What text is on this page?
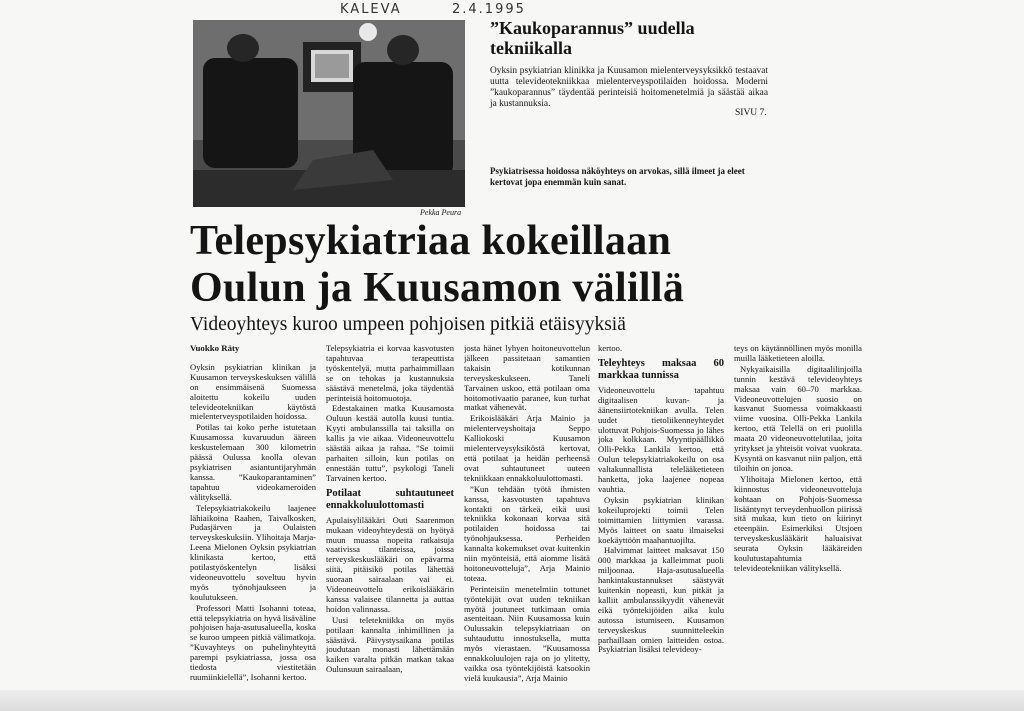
KALEVA	2.4.1995
Pekka Peura
”Kaukoparannus” uudella tekniikalla
Oyksin psykiatrian klinikka ja Kuusamon mielenterveysyksikkö testaavat uutta televideotekniikkaa mielenterveyspotilaiden hoidossa. Moderni ”kaukoparannus” täydentää perinteisiä hoitomenetelmiä ja säästää aikaa ja kustannuksia.
SIVU 7.
Psykiatrisessa hoidossa näköyhteys on arvokas, sillä ilmeet ja eleet kertovat jopa enemmän kuin sanat.
Telepsykiatriaa kokeillaan
Oulun ja Kuusamon välillä
Videoyhteys kuroo umpeen pohjoisen pitkiä etäisyyksiä
Vuokko Räty

Oyksin psykiatrian klinikan ja Kuusamon terveyskeskuksen välillä on ensimmäisenä Suomessa aloitettu kokeilu uuden televideotekniikan käytöstä mielenterveyspotilaiden hoidossa.

Potilas tai koko perhe istutetaan Kuusamossa kuvaruudun ääreen keskustelemaan 300 kilometrin päässä Oulussa koolla olevan psykiatrisen asiantuntijaryhmän kanssa. ”Kaukoparantaminen” tapahtuu videokameroiden välityksellä.

Telepsykiatriakokeilu laajenee lähiaikoina Raahen, Taivalkosken, Pudasjärven ja Oulaisten terveyskeskuksiin. Ylihoitaja Marja-Leena Mielonen Oyksin psykiatrian klinikasta kertoo, että potilastyöskentelyn lisäksi videoneuvottelu soveltuu hyvin myös työnohjaukseen ja koulutukseen.

Professori Matti Isohanni toteaa, että telepsykiatria on hyvä lisäväline pohjoisen haja-asutusalueella, koska se kuroo umpeen pitkiä välimatkoja. ”Kuvayhteys on puhelinyhteyttä parempi psykiatriassa, jossa osa tiedosta viestitetään ruumiinkielellä”, Isohanni kertoo.

Telepsykiatria ei korvaa kasvotusten tapahtuvaa terapeuttista työskentelyä, mutta parhaimmillaan se on tehokas ja kustannuksia säästävä menetelmä, joka täydentää perinteisiä hoitomuotoja.

Edestakainen matka Kuusamosta Ouluun kestää autolla kuusi tuntia. Kyyti ambulanssilla tai taksilla on kallis ja vie aikaa. Videoneuvottelu säästää aikaa ja rahaa. ”Se toimii parhaiten silloin, kun potilas on ennestään tuttu”, psykologi Taneli Tarvainen kertoo.

Potilaat suhtautuneet ennakkoluulottomasti

Apulaisylilääkäri Outi Saarenmon mukaan videoyhteydestä on hyötyä muun muassa nopeita ratkaisuja vaativissa tilanteissa, joissa terveyskeskuslääkäri on epävarma siitä, pitäisikö potilas lähettää suoraan sairaalaan vai ei. Videoneuvottelu erikoislääkärin kanssa valaisee tilannetta ja auttaa hoidon valinnassa.

Uusi teletekniikka on myös potilaan kannalta inhimillinen ja säästävä. Päivystysaikana potilas joudutaan monasti lähettämään kaiken varalta pitkän matkan takaa Oulunsuun sairaalaan,

josta hänet lyhyen hoitoneuvottelun jälkeen passitetaan samantien takaisin kotikunnan terveyskeskukseen. Taneli Tarvainen uskoo, että potilaan oma hoitomotivaatio paranee, kun turhat matkat vähenevät.

Erikoislääkäri Arja Mainio ja mielenterveyshoitaja Seppo Kalliokoski Kuusamon mielenterveysyksiköstä kertovat, että potilaat ja heidän perheensä ovat suhtautuneet uuteen tekniikkaan ennakkoluulottomasti.

”Kun tehdään työtä ihmisten kanssa, kasvotusten tapahtuva kontakti on tärkeä, eikä uusi tekniikka kokonaan korvaa sitä potilaiden hoidossa tai työnohjauksessa. Perheiden kannalta kokemukset ovat kuitenkin niin myönteisiä, että aiomme lisätä hoitoneuvotteluja”, Arja Mainio toteaa.

Perinteisiin menetelmiin tottunet työntekijät ovat uuden tekniikan myötä joutuneet tutkimaan omia asenteitaan. Niin Kuusamossa kuin Oulussakin telepsykiatriaan on suhtauduttu innostuksella, mutta myös vierastaen. ”Kuusamossa ennakkoluulojen raja on jo ylitetty, vaikka osa työntekijöistä katsookin vielä kuukausia”, Arja Mainio

kertoo.

Teleyhteys maksaa 60 markkaa tunnissa

Videoneuvottelu tapahtuu digitaalisen kuvan- ja äänensiirtotekniikan avulla. Telen uudet tietoliikenneyhteydet ulottuvat Pohjois-Suomessa jo lähes joka kolkkaan. Myyntipäällikkö Olli-Pekka Lankila kertoo, että Oulun telepsykiatriakokeilu on osa valtakunnallista telelääketieteen hanketta, joka laajenee nopeaa vauhtia.

Oyksin psykiatrian klinikan kokeiluprojekti toimii Telen toimittamien liittymien varassa. Myös laitteet on saatu ilmaiseksi koekäyttöön maahantuojilta.

Halvimmat laitteet maksavat 150 000 markkaa ja kalleimmat puoli miljoonaa. Haja-asutusalueella hankintakustannukset säästyvät kuitenkin nopeasti, kun pitkät ja kalliit ambulanssikyydit vähenevät eikä työntekijöiden aika kulu autossa istumiseen. Kuusamon terveyskeskus suunnitteleekin parhaillaan omien laitteiden ostoa. Psykiatrian lisäksi televideoy-

teys on käytännöllinen myös monilla muilla lääketieteen aloilla.

Nykyaikaisilla digitaalilinjoilla tunnin kestävä televideoyhteys maksaa vain 60–70 markkaa. Videoneuvottelujen suosio on kasvanut Suomessa voimakkaasti viime vuosina. Olli-Pekka Lankila kertoo, että Telellä on eri puolilla maata 20 videoneuvottelutilaa, joita yritykset ja yhteisöt voivat vuokrata. Kysyntä on kasvanut niin paljon, että tiloihin on jonoa.

Ylihoitaja Mielonen kertoo, että kiinnostus videoneuvotteluja kohtaan on Pohjois-Suomessa lisääntynyt terveydenhuollon piirissä sitä mukaa, kun tieto on kiirinyt eteenpäin. Esimerkiksi Utsjoen terveyskeskuslääkärit haluaisivat seurata Oyksin lääkäreiden koulutustapahtumia televideotekniikan välityksellä.
